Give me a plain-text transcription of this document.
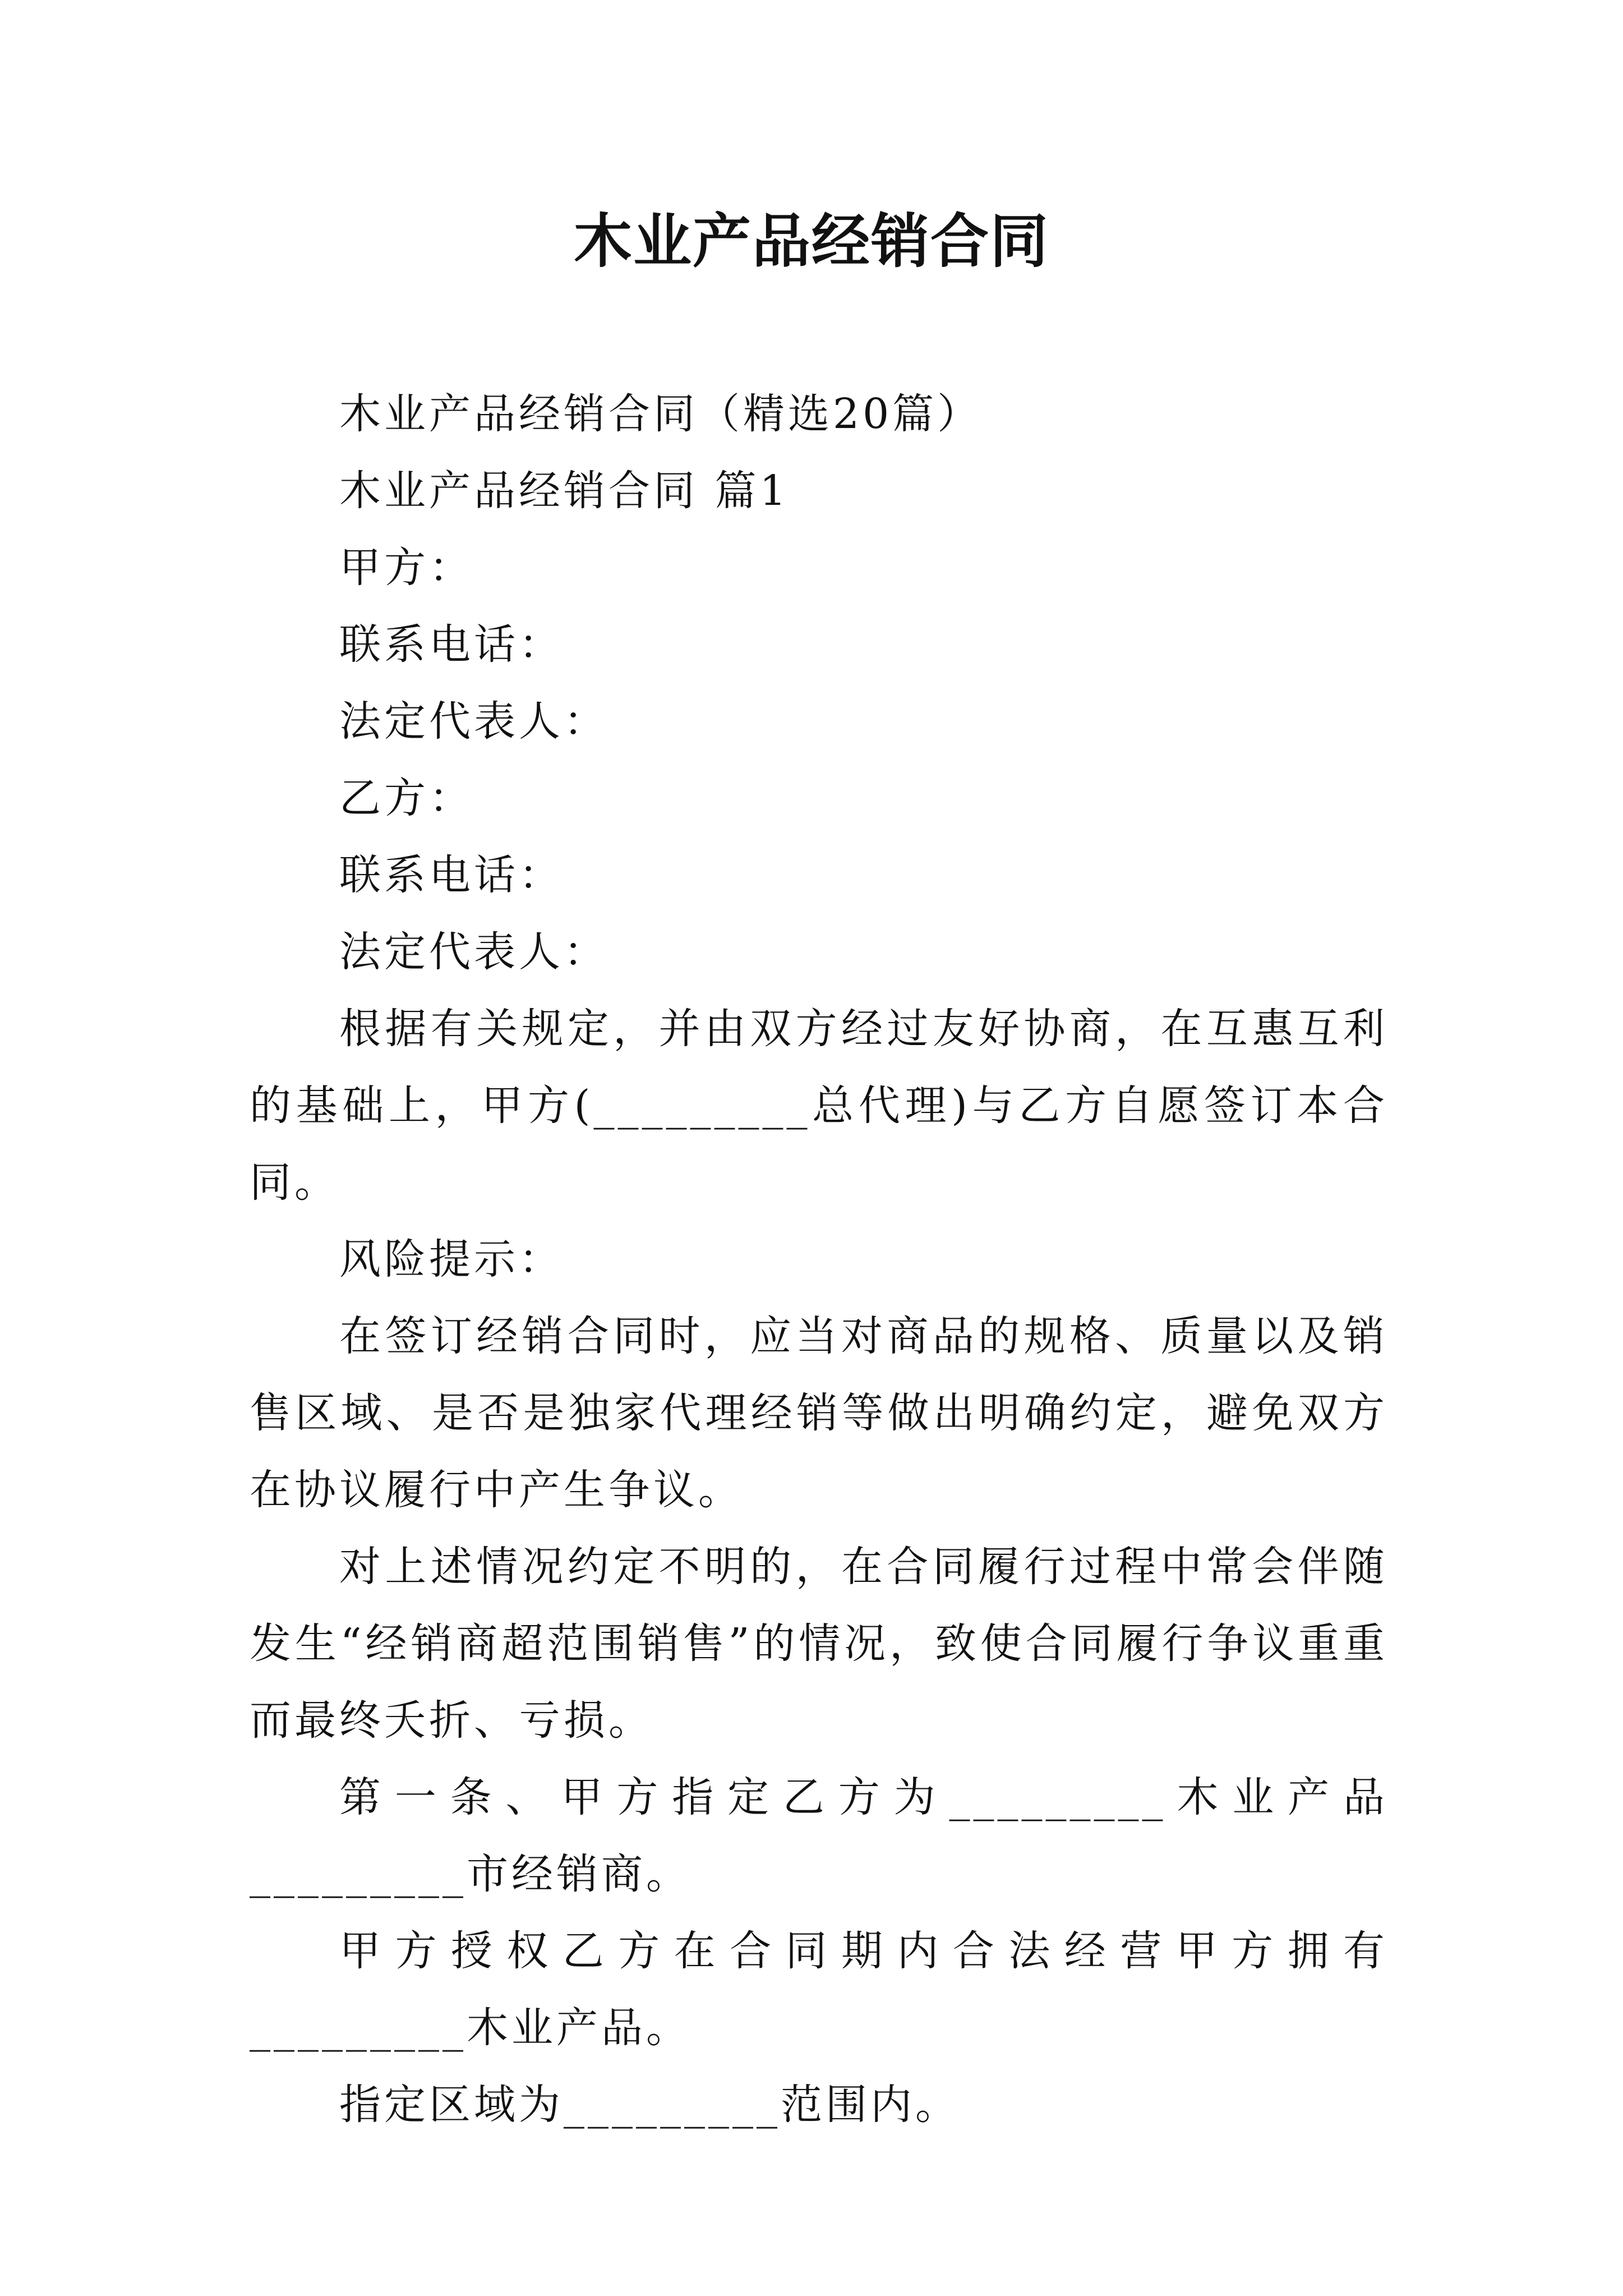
木业产品经销合同

木业产品经销合同（精选20篇）

木业产品经销合同 篇1

甲方：

联系电话：

法定代表人：

乙方：

联系电话：

法定代表人：

根据有关规定，并由双方经过友好协商，在互惠互利的基础上，甲方(_________总代理)与乙方自愿签订本合同。

风险提示：

在签订经销合同时，应当对商品的规格、质量以及销售区域、是否是独家代理经销等做出明确约定，避免双方在协议履行中产生争议。

对上述情况约定不明的，在合同履行过程中常会伴随发生“经销商超范围销售”的情况，致使合同履行争议重重而最终夭折、亏损。

第一条、甲方指定乙方为_________木业产品_________市经销商。

甲方授权乙方在合同期内合法经营甲方拥有_________木业产品。

指定区域为_________范围内。
